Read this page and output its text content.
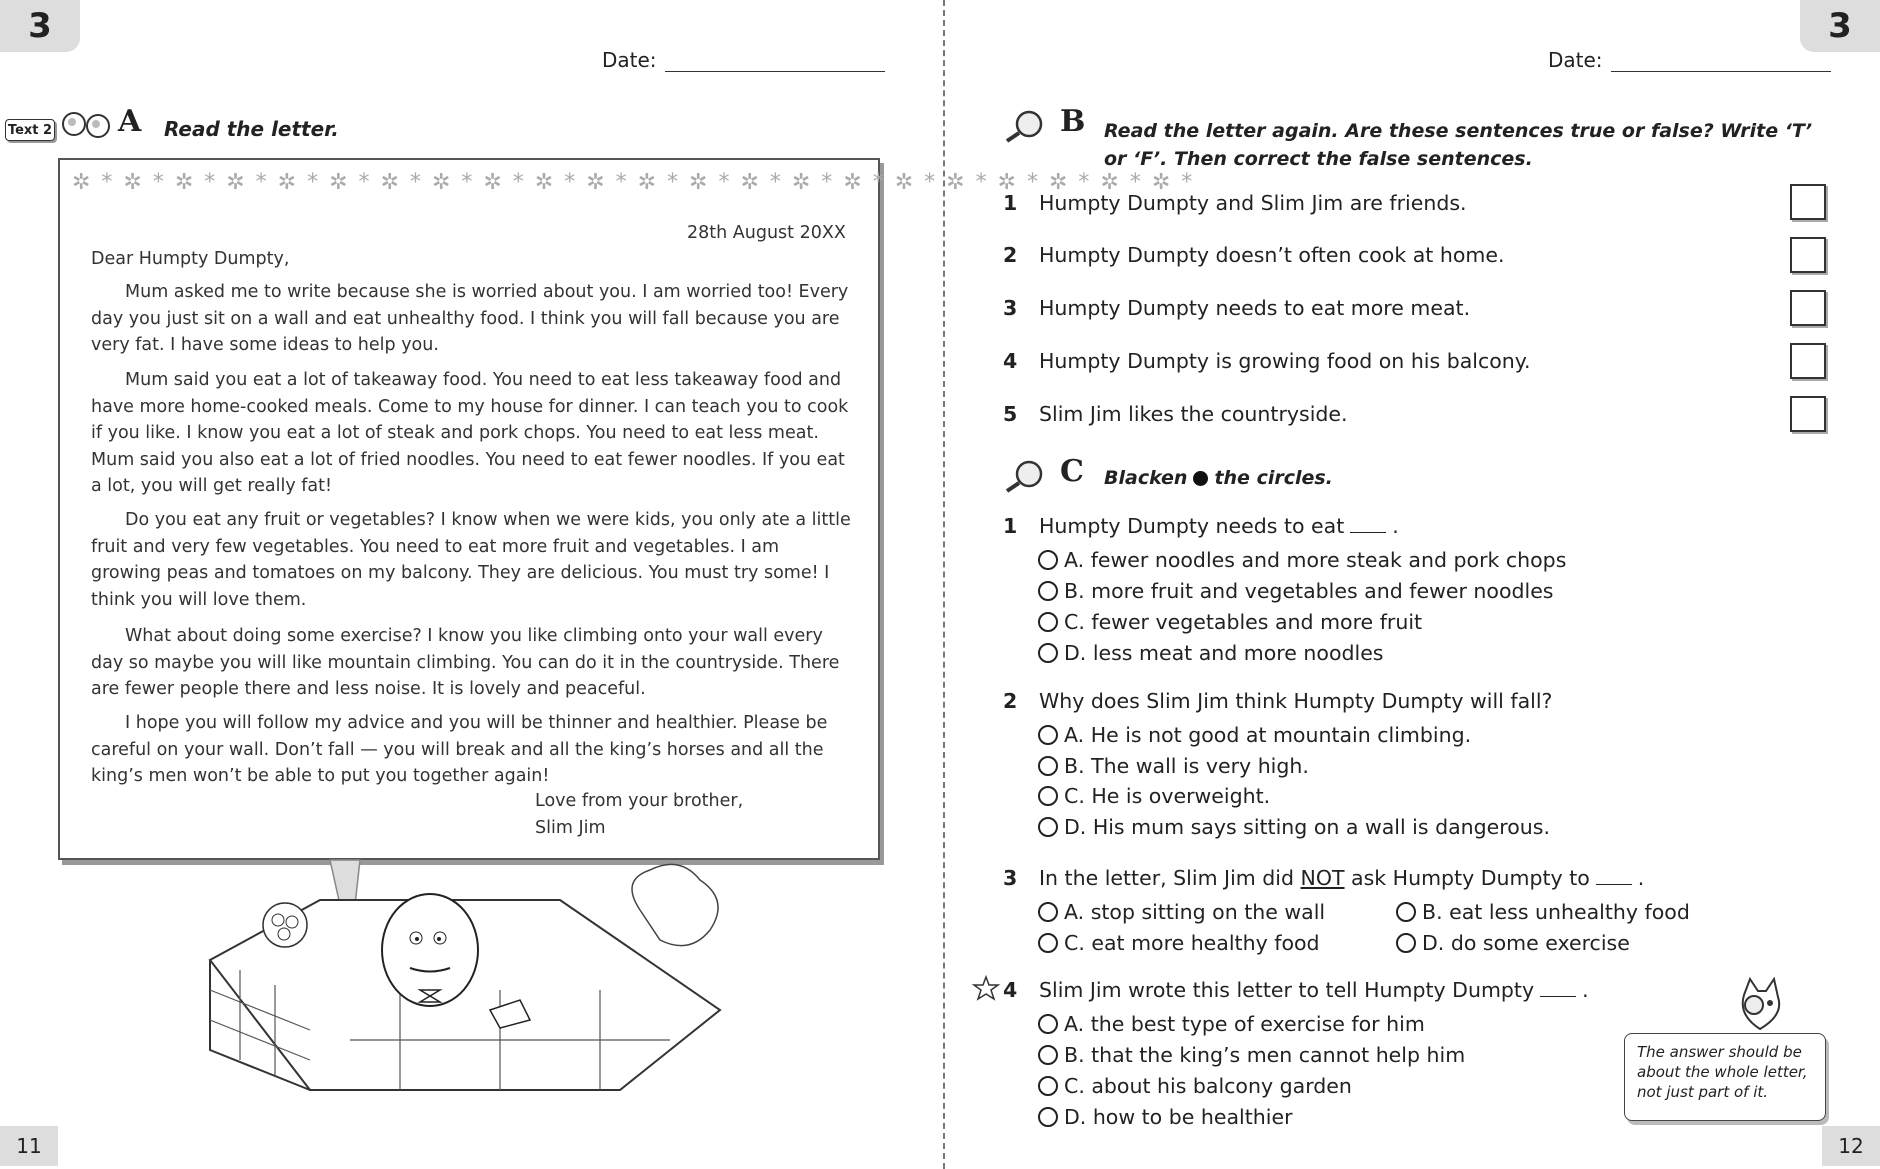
3
Date:
Text 2 A Read the letter.
✲ * ✲ * ✲ * ✲ * ✲ * ✲ * ✲ * ✲ * ✲ * ✲ * ✲ * ✲ * ✲ * ✲ * ✲ * ✲ * ✲ * ✲ * ✲ * ✲ * ✲ * ✲ *
28th August 20XX
Dear Humpty Dumpty,
Mum asked me to write because she is worried about you. I am worried too! Every day you just sit on a wall and eat unhealthy food. I think you will fall because you are very fat. I have some ideas to help you.
Mum said you eat a lot of takeaway food. You need to eat less takeaway food and have more home-cooked meals. Come to my house for dinner. I can teach you to cook if you like. I know you eat a lot of steak and pork chops. You need to eat less meat. Mum said you also eat a lot of fried noodles. You need to eat fewer noodles. If you eat a lot, you will get really fat!
Do you eat any fruit or vegetables? I know when we were kids, you only ate a little fruit and very few vegetables. You need to eat more fruit and vegetables. I am growing peas and tomatoes on my balcony. They are delicious. You must try some! I think you will love them.
What about doing some exercise? I know you like climbing onto your wall every day so maybe you will like mountain climbing. You can do it in the countryside. There are fewer people there and less noise. It is lovely and peaceful.
I hope you will follow my advice and you will be thinner and healthier. Please be careful on your wall. Don’t fall — you will break and all the king’s horses and all the king’s men won’t be able to put you together again!
Love from your brother,
Slim Jim
11
3
Date:
B Read the letter again. Are these sentences true or false? Write ‘T’ or ‘F’. Then correct the false sentences.
1 Humpty Dumpty and Slim Jim are friends.
2 Humpty Dumpty doesn’t often cook at home.
3 Humpty Dumpty needs to eat more meat.
4 Humpty Dumpty is growing food on his balcony.
5 Slim Jim likes the countryside.
C Blacken the circles.
1 Humpty Dumpty needs to eat .
A. fewer noodles and more steak and pork chops
B. more fruit and vegetables and fewer noodles
C. fewer vegetables and more fruit
D. less meat and more noodles
2 Why does Slim Jim think Humpty Dumpty will fall?
A. He is not good at mountain climbing.
B. The wall is very high.
C. He is overweight.
D. His mum says sitting on a wall is dangerous.
3 In the letter, Slim Jim did NOT ask Humpty Dumpty to .
A. stop sitting on the wall	B. eat less unhealthy food
C. eat more healthy food	D. do some exercise
4 Slim Jim wrote this letter to tell Humpty Dumpty .
A. the best type of exercise for him
B. that the king’s men cannot help him
C. about his balcony garden
D. how to be healthier
The answer should be about the whole letter, not just part of it.
12
